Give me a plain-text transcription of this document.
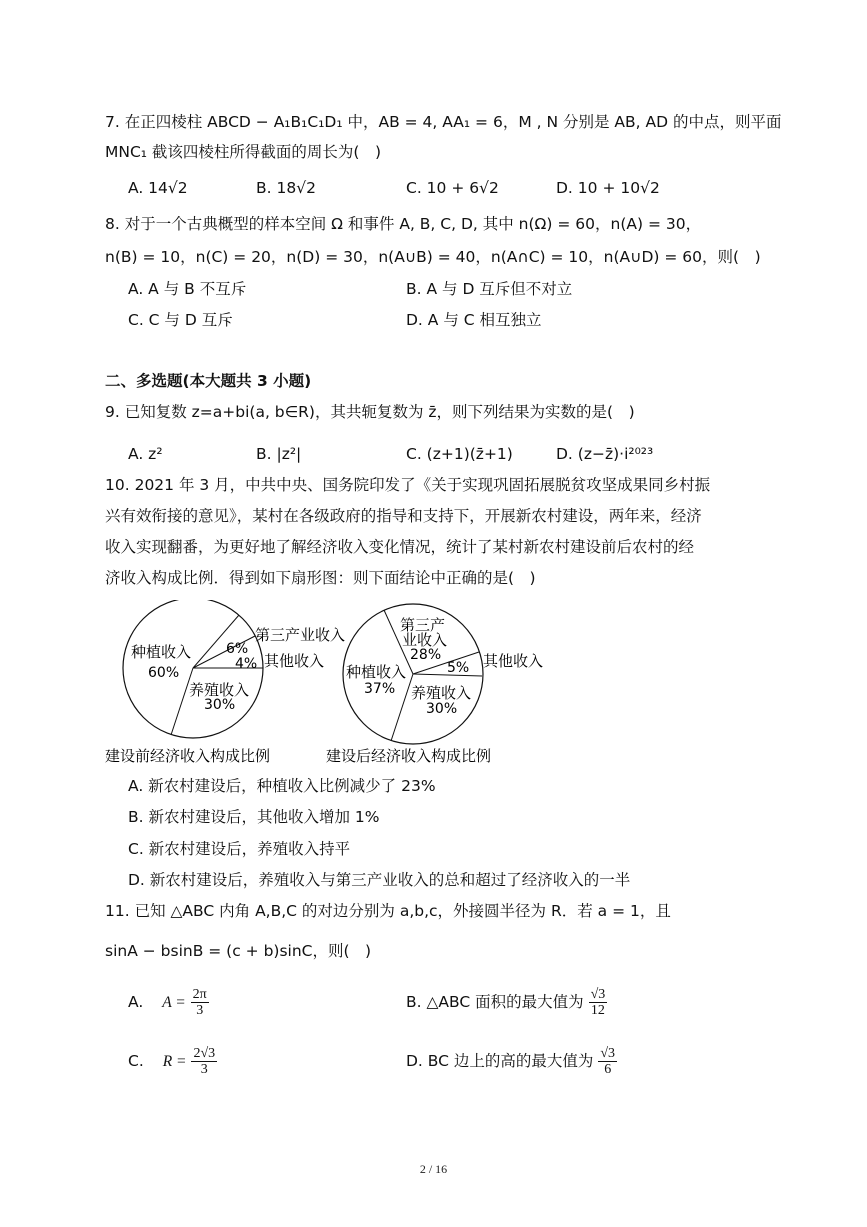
7. 在正四棱柱 ABCD − A₁B₁C₁D₁ 中，AB = 4, AA₁ = 6，M , N 分别是 AB, AD 的中点，则平面
MNC₁ 截该四棱柱所得截面的周长为(　)
A. 14√2	B. 18√2	C. 10 + 6√2	D. 10 + 10√2
8. 对于一个古典概型的样本空间 Ω 和事件 A, B, C, D, 其中 n(Ω) = 60，n(A) = 30，
n(B) = 10，n(C) = 20，n(D) = 30，n(A∪B) = 40，n(A∩C) = 10，n(A∪D) = 60，则(　)
A. A 与 B 不互斥	B. A 与 D 互斥但不对立
C. C 与 D 互斥	D. A 与 C 相互独立
二、多选题(本大题共 3 小题)
9. 已知复数 z=a+bi(a, b∈R)，其共轭复数为 z̄，则下列结果为实数的是(　)
A. z²	B. |z²|	C. (z+1)(z̄+1)	D. (z−z̄)·i²⁰²³
10. 2021 年 3 月，中共中央、国务院印发了《关于实现巩固拓展脱贫攻坚成果同乡村振
兴有效衔接的意见》，某村在各级政府的指导和支持下，开展新农村建设，两年来，经济
收入实现翻番，为更好地了解经济收入变化情况，统计了某村新农村建设前后农村的经
济收入构成比例．得到如下扇形图：则下面结论中正确的是(　)
种植收入
60%
6%
4%
养殖收入
30%
第三产业收入
其他收入
第三产
业收入
28%
种植收入
37%
5%
养殖收入
30%
其他收入
建设前经济收入构成比例	建设后经济收入构成比例
A. 新农村建设后，种植收入比例减少了 23%
B. 新农村建设后，其他收入增加 1%
C. 新农村建设后，养殖收入持平
D. 新农村建设后，养殖收入与第三产业收入的总和超过了经济收入的一半
11. 已知 △ABC 内角 A,B,C 的对边分别为 a,b,c，外接圆半径为 R．若 a = 1，且
sinA − bsinB = (c + b)sinC，则(　)
A. $A = \frac{2\pi}{3}$	B. △ABC 面积的最大值为 $\frac{√3}{12}$
C. $R = \frac{2√3}{3}$	D. BC 边上的高的最大值为 $\frac{√3}{6}$
2 / 16
